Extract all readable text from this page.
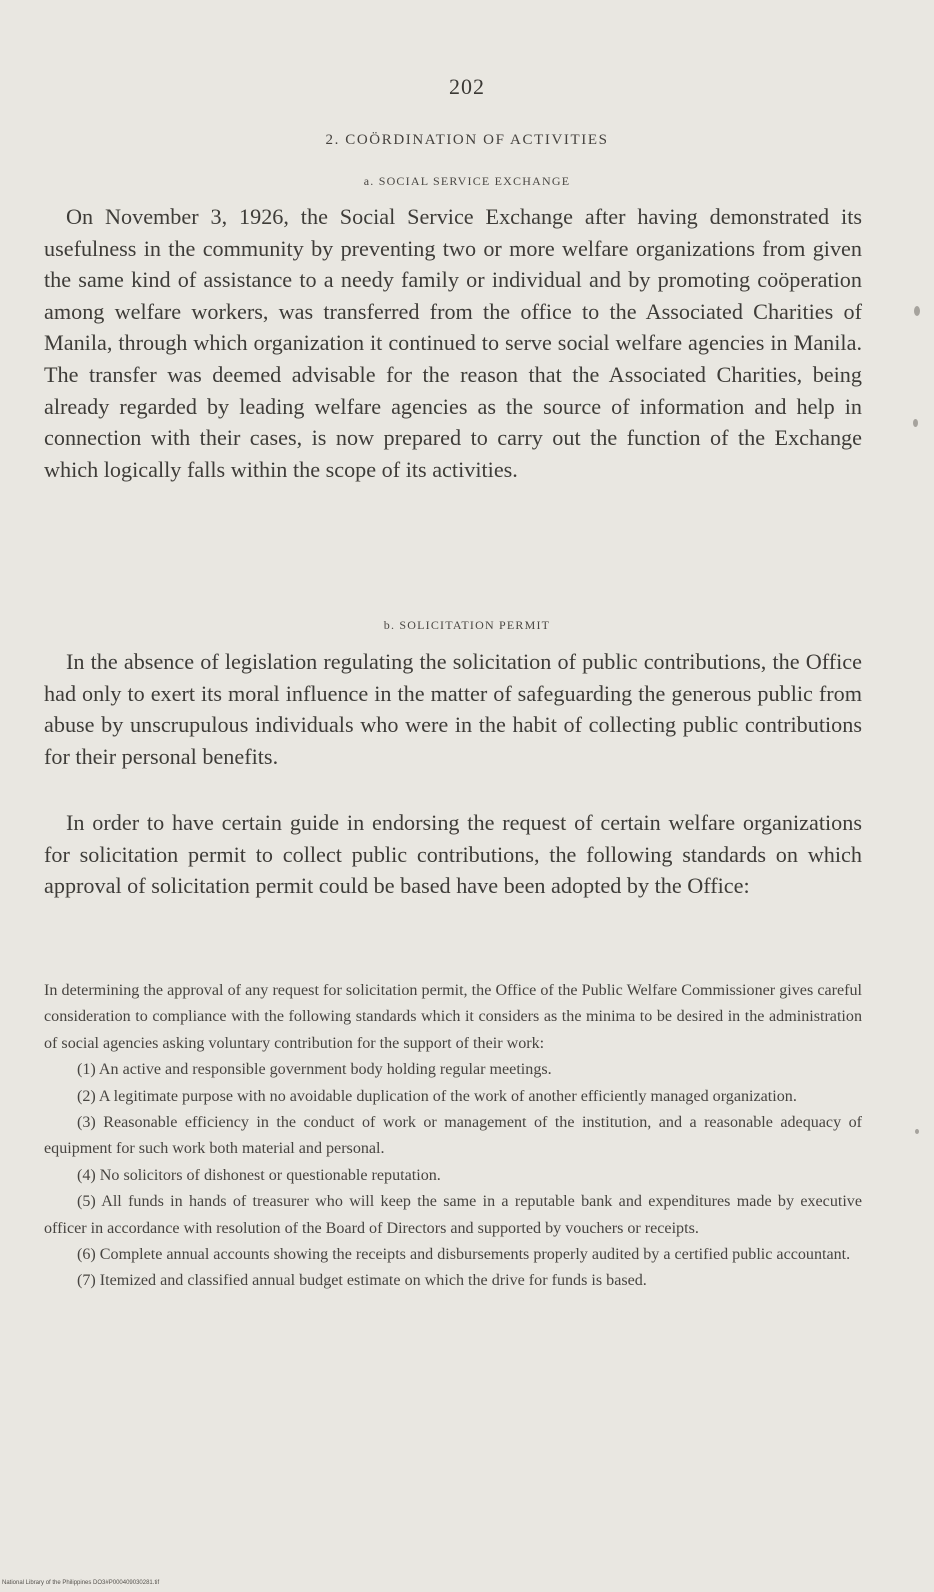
202
2. COÖRDINATION OF ACTIVITIES
a. SOCIAL SERVICE EXCHANGE

On November 3, 1926, the Social Service Exchange after having demonstrated its usefulness in the community by preventing two or more welfare organizations from given the same kind of assistance to a needy family or individual and by promoting coöperation among welfare workers, was transferred from the office to the Associated Charities of Manila, through which organization it continued to serve social welfare agencies in Manila. The transfer was deemed advisable for the reason that the Associated Charities, being already regarded by leading welfare agencies as the source of information and help in connection with their cases, is now prepared to carry out the function of the Exchange which logically falls within the scope of its activities.

b. SOLICITATION PERMIT

In the absence of legislation regulating the solicitation of public contributions, the Office had only to exert its moral influence in the matter of safeguarding the generous public from abuse by unscrupulous individuals who were in the habit of collecting public contributions for their personal benefits.

In order to have certain guide in endorsing the request of certain welfare organizations for solicitation permit to collect public contributions, the following standards on which approval of solicitation permit could be based have been adopted by the Office:

In determining the approval of any request for solicitation permit, the Office of the Public Welfare Commissioner gives careful consideration to compliance with the following standards which it considers as the minima to be desired in the administration of social agencies asking voluntary contribution for the support of their work:

(1) An active and responsible government body holding regular meetings.

(2) A legitimate purpose with no avoidable duplication of the work of another efficiently managed organization.

(3) Reasonable efficiency in the conduct of work or management of the institution, and a reasonable adequacy of equipment for such work both material and personal.

(4) No solicitors of dishonest or questionable reputation.

(5) All funds in hands of treasurer who will keep the same in a reputable bank and expenditures made by executive officer in accordance with resolution of the Board of Directors and supported by vouchers or receipts.

(6) Complete annual accounts showing the receipts and disbursements properly audited by a certified public accountant.

(7) Itemized and classified annual budget estimate on which the drive for funds is based.

National Library of the Philippines DO3#P000409030281.tif
